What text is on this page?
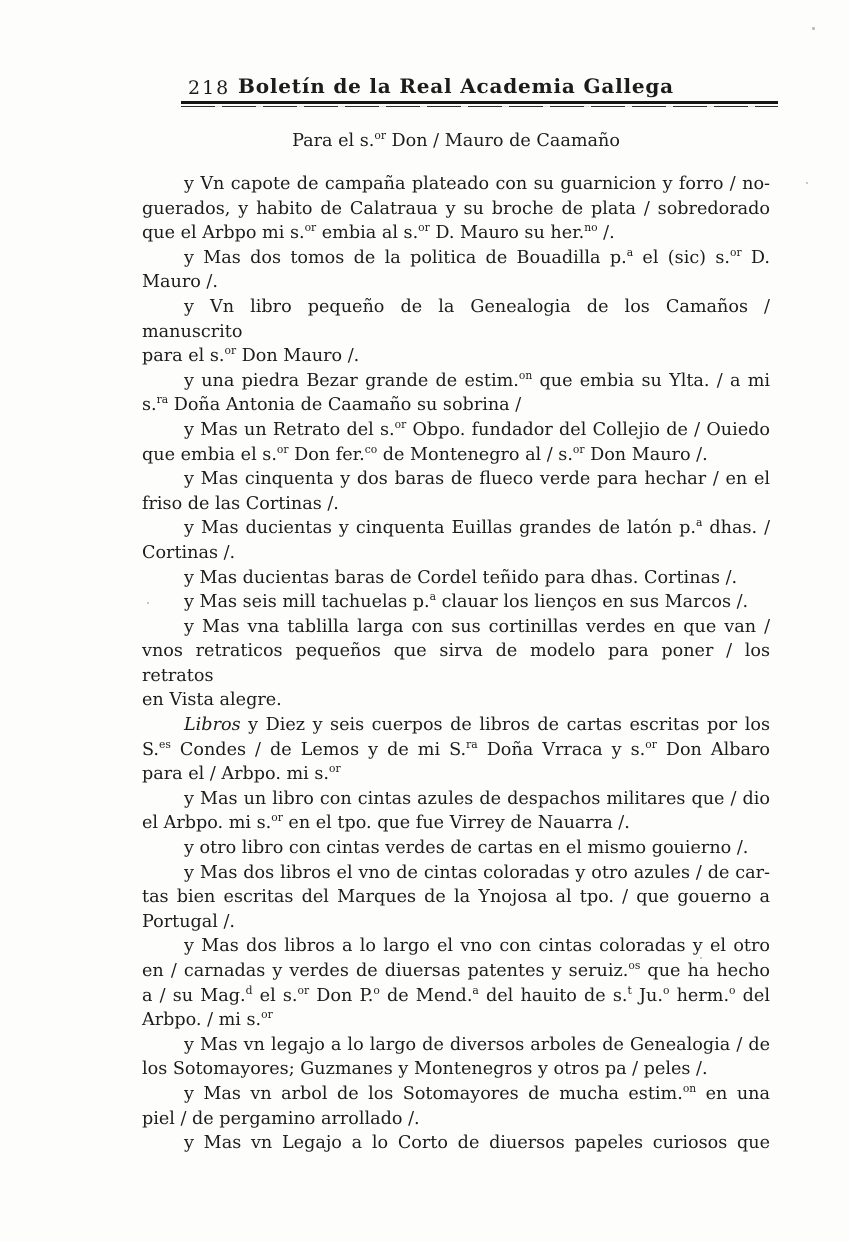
218 Boletín de la Real Academia Gallega
Para el s.$^{or}$ Don / Mauro de Caamaño
y Vn capote de campaña plateado con su guarnicion y forro / no-
guerados, y habito de Calatraua y su broche de plata / sobredorado
que el Arbpo mi s.$^{or}$ embia al s.$^{or}$ D. Mauro su her.$^{no}$ /.
y Mas dos tomos de la politica de Bouadilla p.$^a$ el (sic) s.$^{or}$ D.
Mauro /.
y Vn libro pequeño de la Genealogia de los Camaños / manuscrito
para el s.$^{or}$ Don Mauro /.
y una piedra Bezar grande de estim.$^{on}$ que embia su Ylta. / a mi
s.$^{ra}$ Doña Antonia de Caamaño su sobrina /
y Mas un Retrato del s.$^{or}$ Obpo. fundador del Collejio de / Ouiedo
que embia el s.$^{or}$ Don fer.$^{co}$ de Montenegro al / s.$^{or}$ Don Mauro /.
y Mas cinquenta y dos baras de flueco verde para hechar / en el
friso de las Cortinas /.
y Mas ducientas y cinquenta Euillas grandes de latón p.$^a$ dhas. /
Cortinas /.
y Mas ducientas baras de Cordel teñido para dhas. Cortinas /.
y Mas seis mill tachuelas p.$^a$ clauar los lienços en sus Marcos /.
y Mas vna tablilla larga con sus cortinillas verdes en que van /
vnos retraticos pequeños que sirva de modelo para poner / los retratos
en Vista alegre.
Libros y Diez y seis cuerpos de libros de cartas escritas por los
S.$^{es}$ Condes / de Lemos y de mi S.$^{ra}$ Doña Vrraca y s.$^{or}$ Don Albaro
para el / Arbpo. mi s.$^{or}$
y Mas un libro con cintas azules de despachos militares que / dio
el Arbpo. mi s.$^{or}$ en el tpo. que fue Virrey de Nauarra /.
y otro libro con cintas verdes de cartas en el mismo gouierno /.
y Mas dos libros el vno de cintas coloradas y otro azules / de car-
tas bien escritas del Marques de la Ynojosa al tpo. / que gouerno a
Portugal /.
y Mas dos libros a lo largo el vno con cintas coloradas y el otro
en / carnadas y verdes de diuersas patentes y seruiz.$^{os}$ que ha hecho
a / su Mag.$^d$ el s.$^{or}$ Don P.$^o$ de Mend.$^a$ del hauito de s.$^t$ Ju.$^o$ herm.$^o$ del
Arbpo. / mi s.$^{or}$
y Mas vn legajo a lo largo de diversos arboles de Genealogia / de
los Sotomayores; Guzmanes y Montenegros y otros pa / peles /.
y Mas vn arbol de los Sotomayores de mucha estim.$^{on}$ en una
piel / de pergamino arrollado /.
y Mas vn Legajo a lo Corto de diuersos papeles curiosos que
